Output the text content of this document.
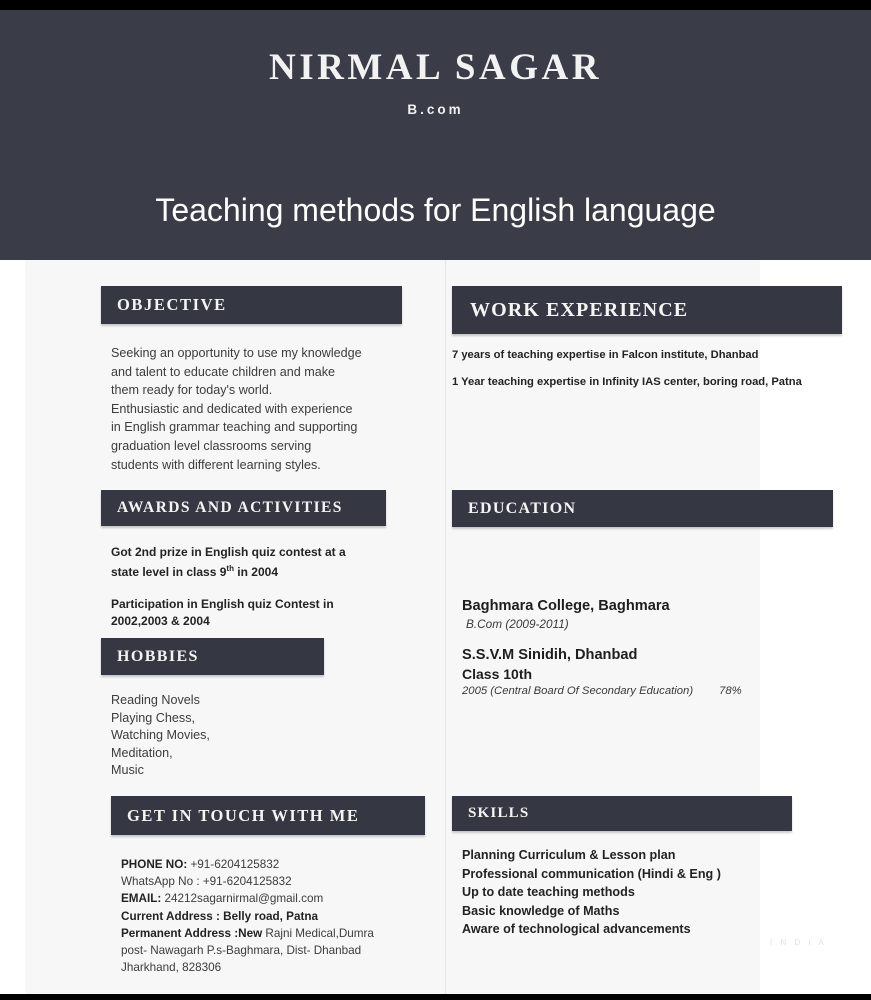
NIRMAL SAGAR
B.com
Teaching methods for English language
OBJECTIVE
Seeking an opportunity to use my knowledge
and talent to educate children and make
them ready for today's world.
Enthusiastic and dedicated with experience
in English grammar teaching and supporting
graduation level classrooms serving
students with different learning styles.
AWARDS AND ACTIVITIES

Got 2nd prize in English quiz contest at a
state level in class 9th in 2004

Participation in English quiz Contest in
2002,2003 & 2004

HOBBIES
Reading Novels
Playing Chess,
Watching Movies,
Meditation,
Music
GET IN TOUCH WITH ME
PHONE NO: +91-6204125832
WhatsApp No : +91-6204125832
EMAIL: 24212sagarnirmal@gmail.com
Current Address : Belly road, Patna
Permanent Address :New Rajni Medical,Dumra
post- Nawagarh P.s-Baghmara, Dist- Dhanbad
Jharkhand, 828306
WORK EXPERIENCE

7 years of teaching expertise in Falcon institute, Dhanbad

1 Year teaching expertise in Infinity IAS center, boring road, Patna

EDUCATION
Baghmara College, Baghmara
B.Com (2009-2011)
S.S.V.M Sinidih, Dhanbad
Class 10th
2005 (Central Board Of Secondary Education) 78%
SKILLS
Planning Curriculum & Lesson plan
Professional communication (Hindi & Eng )
Up to date teaching methods
Basic knowledge of Maths
Aware of technological advancements
I N D I A
